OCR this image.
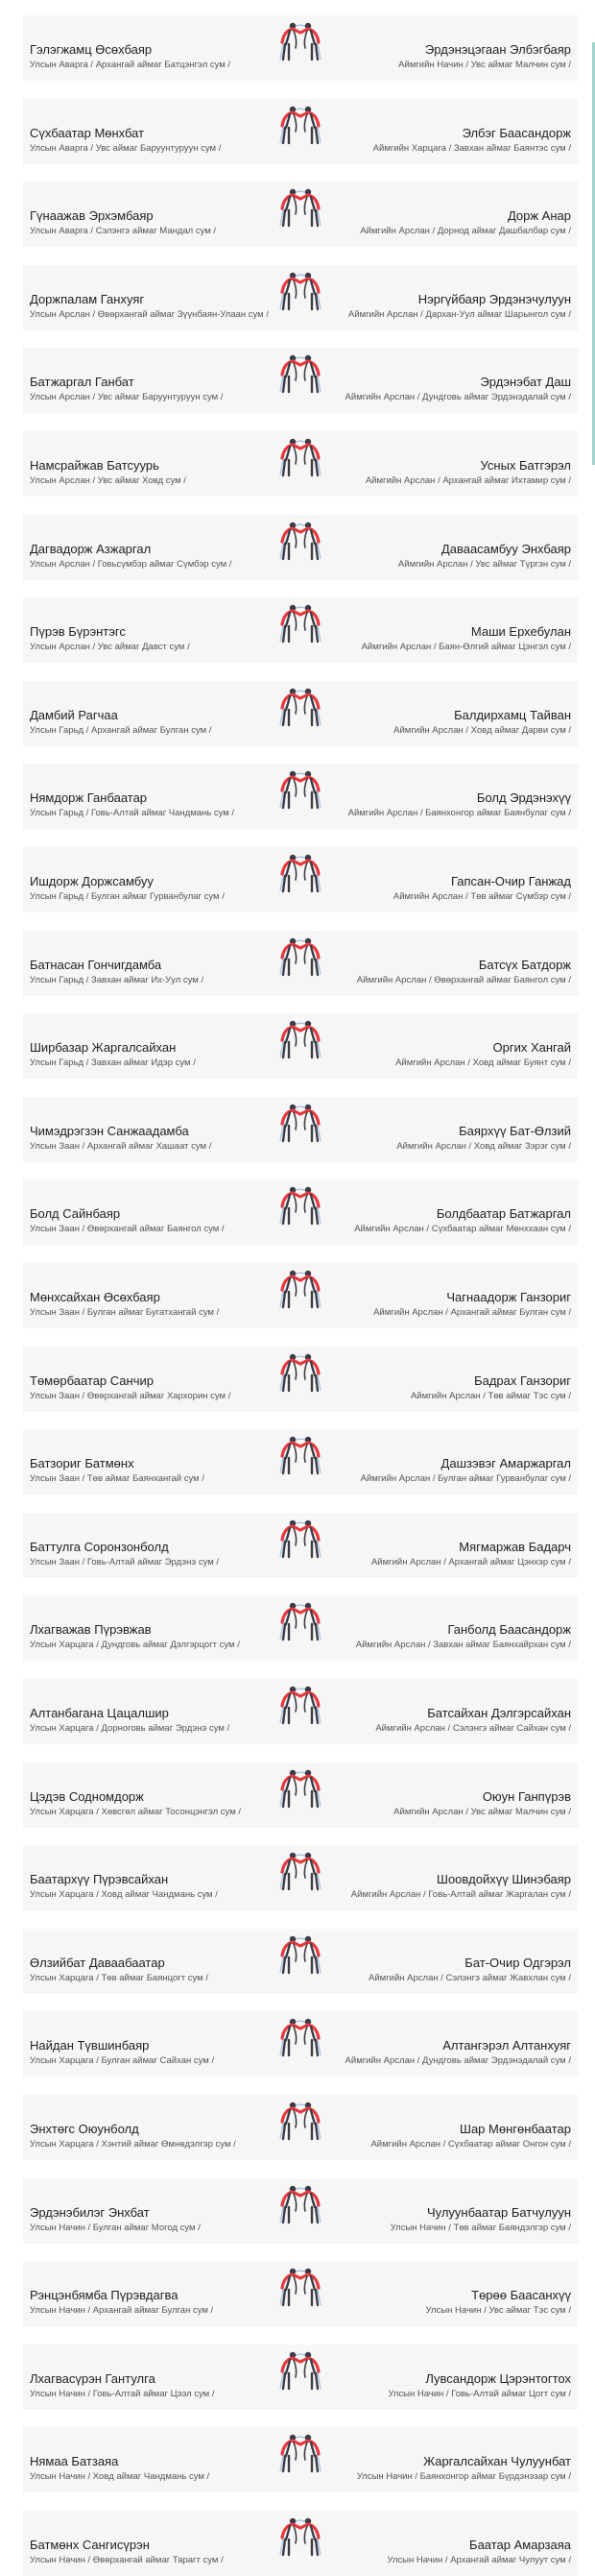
Гэлэгжамц Өсөхбаяр
Улсын Аварга / Архангай аймаг Батцэнгэл сум /
Эрдэнэцэгаан Элбэгбаяр
Аймгийн Начин / Увс аймаг Малчин сум /
Сүхбаатар Мөнхбат
Улсын Аварга / Увс аймаг Баруунтуруун сум /
Элбэг Баасандорж
Аймгийн Харцага / Завхан аймаг Баянтэс сум /
Гүнаажав Эрхэмбаяр
Улсын Аварга / Сэлэнгэ аймаг Мандал сум /
Дорж Анар
Аймгийн Арслан / Дорнод аймаг Дашбалбар сум /
Доржпалам Ганхуяг
Улсын Арслан / Өвөрхангай аймаг Зүүнбаян-Улаан сум /
Нэргүйбаяр Эрдэнэчулуун
Аймгийн Арслан / Дархан-Уул аймаг Шарынгол сум /
Батжаргал Ганбат
Улсын Арслан / Увс аймаг Баруунтуруун сум /
Эрдэнэбат Даш
Аймгийн Арслан / Дундговь аймаг Эрдэнэдалай сум /
Намсрайжав Батсуурь
Улсын Арслан / Увс аймаг Ховд сум /
Усных Батгэрэл
Аймгийн Арслан / Архангай аймаг Ихтамир сум /
Дагвадорж Азжаргал
Улсын Арслан / Говьсүмбэр аймаг Сүмбэр сум /
Даваасамбуу Энхбаяр
Аймгийн Арслан / Увс аймаг Түргэн сум /
Пүрэв Бүрэнтэгс
Улсын Арслан / Увс аймаг Давст сум /
Маши Ерхебулан
Аймгийн Арслан / Баян-Өлгий аймаг Цэнгэл сум /
Дамбий Рагчаа
Улсын Гарьд / Архангай аймаг Булган сум /
Балдирхамц Тайван
Аймгийн Арслан / Ховд аймаг Дарви сум /
Нямдорж Ганбаатар
Улсын Гарьд / Говь-Алтай аймаг Чандмань сум /
Болд Эрдэнэхүү
Аймгийн Арслан / Баянхонгор аймаг Баянбулаг сум /
Ишдорж Доржсамбуу
Улсын Гарьд / Булган аймаг Гурванбулаг сум /
Гапсан-Очир Ганжад
Аймгийн Арслан / Төв аймаг Сүмбэр сум /
Батнасан Гончигдамба
Улсын Гарьд / Завхан аймаг Их-Уул сум /
Батсүх Батдорж
Аймгийн Арслан / Өвөрхангай аймаг Баянгол сум /
Ширбазар Жаргалсайхан
Улсын Гарьд / Завхан аймаг Идэр сум /
Оргих Хангай
Аймгийн Арслан / Ховд аймаг Буянт сум /
Чимэдрэгзэн Санжаадамба
Улсын Заан / Архангай аймаг Хашаат сум /
Баярхүү Бат-Өлзий
Аймгийн Арслан / Ховд аймаг Зэрэг сум /
Болд Сайнбаяр
Улсын Заан / Өвөрхангай аймаг Баянгол сум /
Болдбаатар Батжаргал
Аймгийн Арслан / Сүхбаатар аймаг Мөнххаан сум /
Мөнхсайхан Өсөхбаяр
Улсын Заан / Булган аймаг Бугатхангай сум /
Чагнаадорж Ганзориг
Аймгийн Арслан / Архангай аймаг Булган сум /
Төмөрбаатар Санчир
Улсын Заан / Өвөрхангай аймаг Хархорин сум /
Бадрах Ганзориг
Аймгийн Арслан / Төв аймаг Тэс сум /
Батзориг Батмөнх
Улсын Заан / Төв аймаг Баянхангай сум /
Дашзэвэг Амаржаргал
Аймгийн Арслан / Булган аймаг Гурванбулаг сум /
Баттулга Соронзонболд
Улсын Заан / Говь-Алтай аймаг Эрдэнэ сум /
Мягмаржав Бадарч
Аймгийн Арслан / Архангай аймаг Цэнхэр сум /
Лхагважав Пүрэвжав
Улсын Харцага / Дундговь аймаг Дэлгэрцогт сум /
Ганболд Баасандорж
Аймгийн Арслан / Завхан аймаг Баянхайрхан сум /
Алтанбагана Цацалшир
Улсын Харцага / Дорноговь аймаг Эрдэнэ сум /
Батсайхан Дэлгэрсайхан
Аймгийн Арслан / Сэлэнгэ аймаг Сайхан сум /
Цэдэв Содномдорж
Улсын Харцага / Хөвсгөл аймаг Тосонцэнгэл сум /
Оюун Ганпүрэв
Аймгийн Арслан / Увс аймаг Малчин сум /
Баатархүү Пүрэвсайхан
Улсын Харцага / Ховд аймаг Чандмань сум /
Шоовдойхүү Шинэбаяр
Аймгийн Арслан / Говь-Алтай аймаг Жаргалан сум /
Өлзийбат Даваабаатар
Улсын Харцага / Төв аймаг Баянцогт сум /
Бат-Очир Одгэрэл
Аймгийн Арслан / Сэлэнгэ аймаг Жавхлан сум /
Найдан Түвшинбаяр
Улсын Харцага / Булган аймаг Сайхан сум /
Алтангэрэл Алтанхуяг
Аймгийн Арслан / Дундговь аймаг Эрдэнэдалай сум /
Энхтөгс Оюунболд
Улсын Харцага / Хэнтий аймаг Өмнөдэлгэр сум /
Шар Мөнгөнбаатар
Аймгийн Арслан / Сүхбаатар аймаг Онгон сум /
Эрдэнэбилэг Энхбат
Улсын Начин / Булган аймаг Могод сум /
Чулуунбаатар Батчулуун
Улсын Начин / Төв аймаг Баяндэлгэр сум /
Рэнцэнбямба Пүрэвдагва
Улсын Начин / Архангай аймаг Булган сум /
Төрөө Баасанхүү
Улсын Начин / Увс аймаг Тэс сум /
Лхагвасүрэн Гантулга
Улсын Начин / Говь-Алтай аймаг Цээл сум /
Лувсандорж Цэрэнтогтох
Улсын Начин / Говь-Алтай аймаг Цогт сум /
Нямаа Батзаяа
Улсын Начин / Ховд аймаг Чандмань сум /
Жаргалсайхан Чулуунбат
Улсын Начин / Баянхонгор аймаг Бүрдэнэзар сум /
Батмөнх Сангисүрэн
Улсын Начин / Өвөрхангай аймаг Тарагт сум /
Баатар Амарзаяа
Улсын Начин / Архангай аймаг Чулуут сум /
